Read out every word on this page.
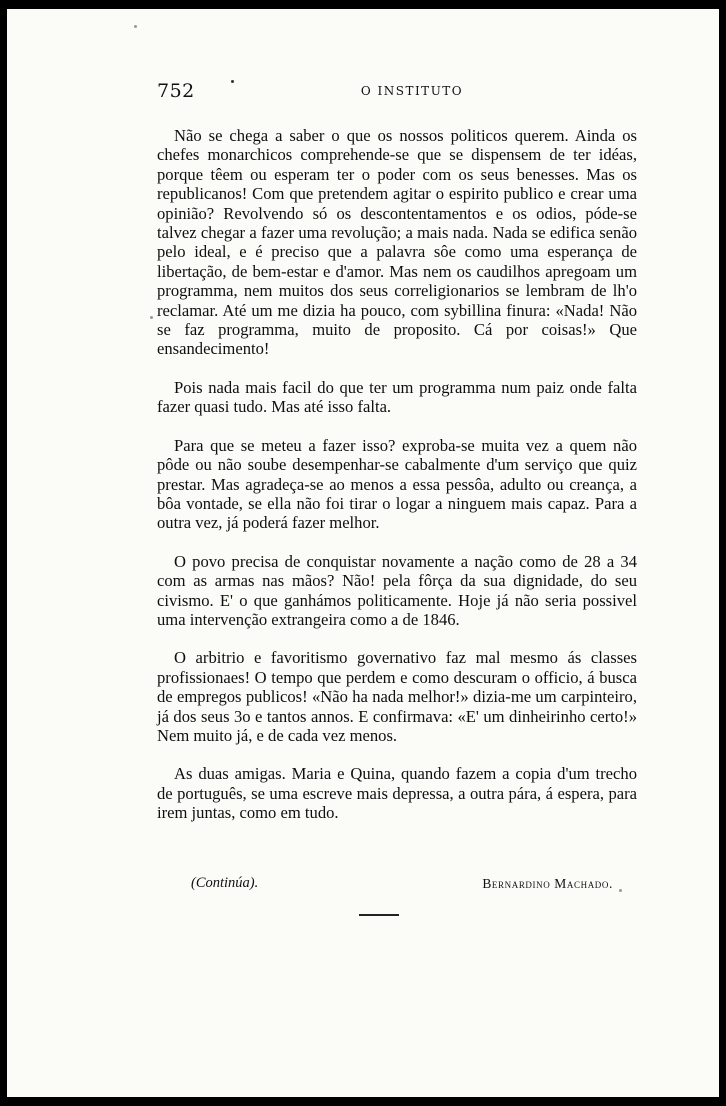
752	O INSTITUTO

Não se chega a saber o que os nossos politicos querem. Ainda os chefes monarchicos comprehende-se que se dispensem de ter idéas, porque têem ou esperam ter o poder com os seus benesses. Mas os republicanos! Com que pretendem agitar o espirito publico e crear uma opinião? Revolvendo só os descontentamentos e os odios, póde-se talvez chegar a fazer uma revolução; a mais nada. Nada se edifica senão pelo ideal, e é preciso que a palavra sôe como uma esperança de libertação, de bem-estar e d'amor. Mas nem os caudilhos apregoam um programma, nem muitos dos seus correligionarios se lembram de lh'o reclamar. Até um me dizia ha pouco, com sybillina finura: «Nada! Não se faz programma, muito de proposito. Cá por coisas!» Que ensandecimento!

Pois nada mais facil do que ter um programma num paiz onde falta fazer quasi tudo. Mas até isso falta.

Para que se meteu a fazer isso? exproba-se muita vez a quem não pôde ou não soube desempenhar-se cabalmente d'um serviço que quiz prestar. Mas agradeça-se ao menos a essa pessôa, adulto ou creança, a bôa vontade, se ella não foi tirar o logar a ninguem mais capaz. Para a outra vez, já poderá fazer melhor.

O povo precisa de conquistar novamente a nação como de 28 a 34 com as armas nas mãos? Não! pela fôrça da sua dignidade, do seu civismo. E' o que ganhámos politicamente. Hoje já não seria possivel uma intervenção extrangeira como a de 1846.

O arbitrio e favoritismo governativo faz mal mesmo ás classes profissionaes! O tempo que perdem e como descuram o officio, á busca de empregos publicos! «Não ha nada melhor!» dizia-me um carpinteiro, já dos seus 3o e tantos annos. E confirmava: «E' um dinheirinho certo!» Nem muito já, e de cada vez menos.

As duas amigas. Maria e Quina, quando fazem a copia d'um trecho de português, se uma escreve mais depressa, a outra pára, á espera, para irem juntas, como em tudo.

(Continúa).	Bernardino Machado.
